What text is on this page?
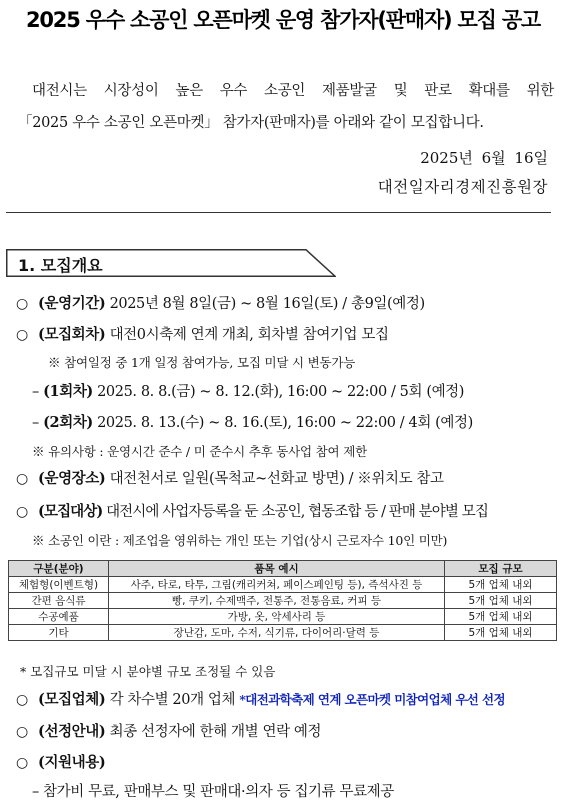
2025 우수 소공인 오픈마켓 운영 참가자(판매자) 모집 공고
대전시는 시장성이 높은 우수 소공인 제품발굴 및 판로 확대를 위한
「2025 우수 소공인 오픈마켓」 참가자(판매자)를 아래와 같이 모집합니다.
2025년 6월 16일
대전일자리경제진흥원장
1. 모집개요
○ (운영기간) 2025년 8월 8일(금) ~ 8월 16일(토) / 총9일(예정)
○ (모집회차) 대전0시축제 연계 개최, 회차별 참여기업 모집
※ 참여일정 중 1개 일정 참여가능, 모집 미달 시 변동가능
– (1회차) 2025. 8. 8.(금) ~ 8. 12.(화), 16:00 ~ 22:00 / 5회 (예정)
– (2회차) 2025. 8. 13.(수) ~ 8. 16.(토), 16:00 ~ 22:00 / 4회 (예정)
※ 유의사항 : 운영시간 준수 / 미 준수시 추후 동사업 참여 제한
○ (운영장소) 대전천서로 일원(목척교~선화교 방면) / ※위치도 참고
○ (모집대상) 대전시에 사업자등록을 둔 소공인, 협동조합 등 / 판매 분야별 모집
※ 소공인 이란 : 제조업을 영위하는 개인 또는 기업(상시 근로자수 10인 미만)
구분(분야)	품목 예시	모집 규모
체험형(이벤트형)	사주, 타로, 타투, 그림(캐리커쳐, 페이스페인팅 등), 즉석사진 등	5개 업체 내외
간편 음식류	빵, 쿠키, 수제맥주, 전통주, 전통음료, 커피 등	5개 업체 내외
수공예품	가방, 옷, 악세사리 등	5개 업체 내외
기타	장난감, 도마, 수저, 식기류, 다이어리·달력 등	5개 업체 내외
* 모집규모 미달 시 분야별 규모 조정될 수 있음
○ (모집업체) 각 차수별 20개 업체 *대전과학축제 연계 오픈마켓 미참여업체 우선 선정
○ (선정안내) 최종 선정자에 한해 개별 연락 예정
○ (지원내용)
– 참가비 무료, 판매부스 및 판매대·의자 등 집기류 무료제공
